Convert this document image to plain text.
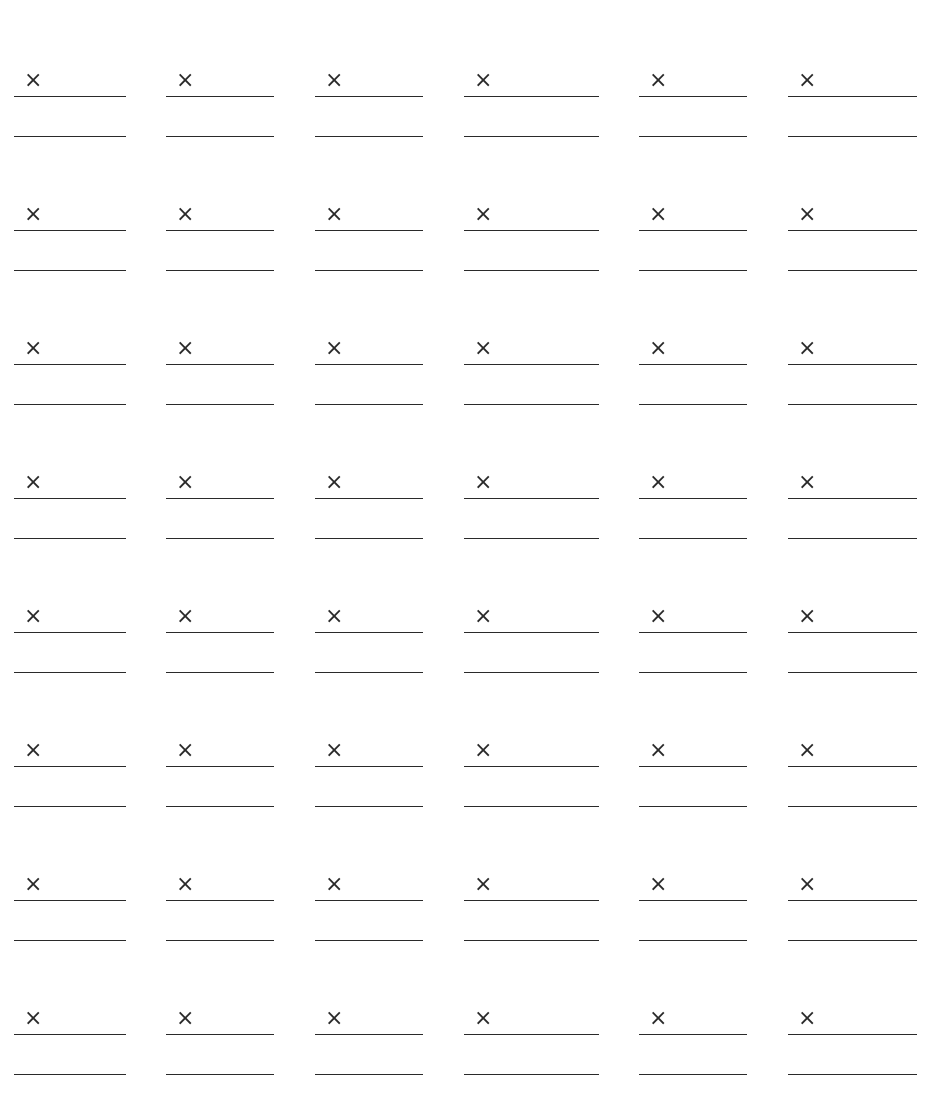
×	×	×	×	×	×
×	×	×	×	×	×
×	×	×	×	×	×
×	×	×	×	×	×
×	×	×	×	×	×
×	×	×	×	×	×
×	×	×	×	×	×
×	×	×	×	×	×
